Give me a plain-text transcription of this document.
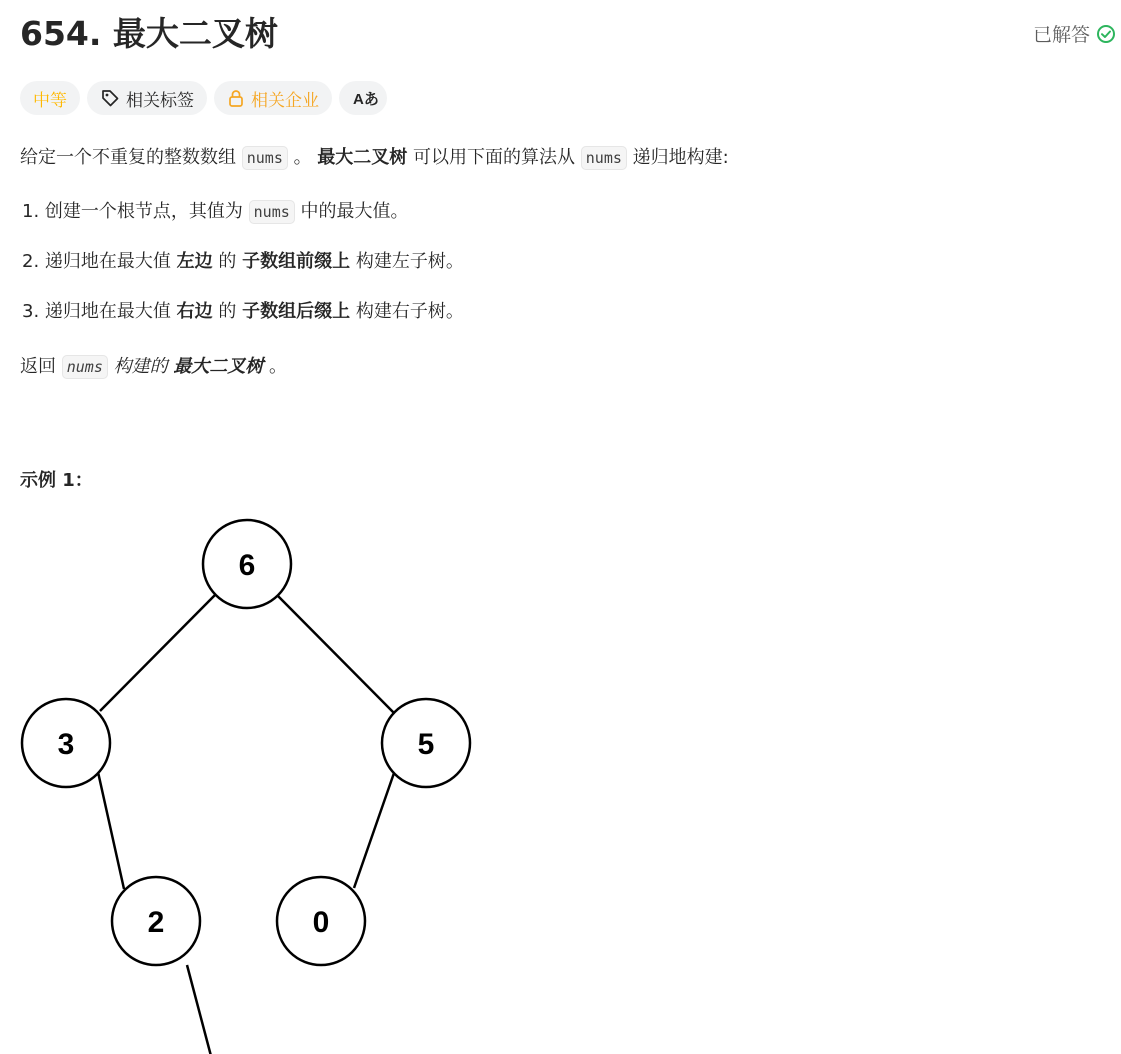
654. 最大二叉树	已解答
中等	相关标签	相关企业 Aあ

给定一个不重复的整数数组 nums 。 最大二叉树 可以用下面的算法从 nums 递归地构建:

1. 创建一个根节点，其值为 nums 中的最大值。
2. 递归地在最大值 左边 的 子数组前缀上 构建左子树。
3. 递归地在最大值 右边 的 子数组后缀上 构建右子树。

返回 nums 构建的 最大二叉树 。

示例 1：
6
3	5
2	0
